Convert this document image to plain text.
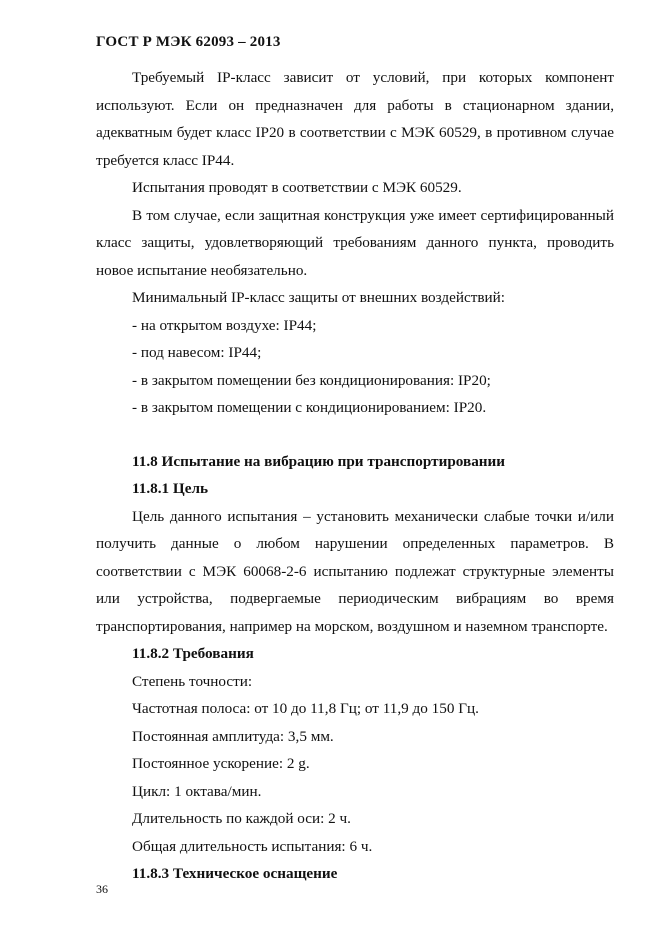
ГОСТ Р МЭК 62093 – 2013

Требуемый IP-класс зависит от условий, при которых компонент используют. Если он предназначен для работы в стационарном здании, адекватным будет класс IP20 в соответствии с МЭК 60529, в противном случае требуется класс IP44.

Испытания проводят в соответствии с МЭК 60529.

В том случае, если защитная конструкция уже имеет сертифицированный класс защиты, удовлетворяющий требованиям данного пункта, проводить новое испытание необязательно.

Минимальный IP-класс защиты от внешних воздействий:

- на открытом воздухе: IP44;

- под навесом: IP44;

- в закрытом помещении без кондиционирования: IP20;

- в закрытом помещении с кондиционированием: IP20.

11.8 Испытание на вибрацию при транспортировании

11.8.1 Цель

Цель данного испытания – установить механически слабые точки и/или получить данные о любом нарушении определенных параметров. В соответствии с МЭК 60068-2-6 испытанию подлежат структурные элементы или устройства, подвергаемые периодическим вибрациям во время транспортирования, например на морском, воздушном и наземном транспорте.

11.8.2 Требования

Степень точности:

Частотная полоса: от 10 до 11,8 Гц; от 11,9 до 150 Гц.

Постоянная амплитуда: 3,5 мм.

Постоянное ускорение: 2 g.

Цикл: 1 октава/мин.

Длительность по каждой оси: 2 ч.

Общая длительность испытания: 6 ч.

11.8.3 Техническое оснащение

36
